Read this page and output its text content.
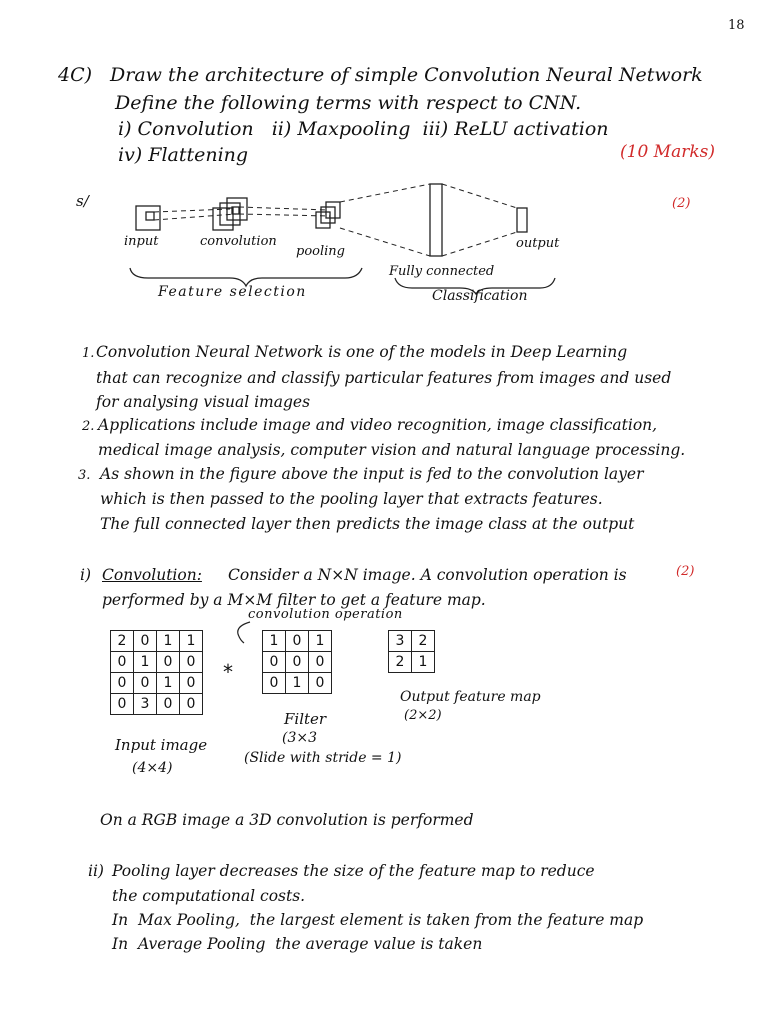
18
4C) Draw the architecture of simple Convolution Neural Network
Define the following terms with respect to CNN.
i) Convolution   ii) Maxpooling  iii) ReLU activation
iv) Flattening	(10 Marks)
s/	(2)
input	convolution
pooling
Fully connected
output
Feature selection	Classification
1. Convolution Neural Network is one of the models in Deep Learning
that can recognize and classify particular features from images and used
for analysing visual images
2. Applications include image and video recognition, image classification,
medical image analysis, computer vision and natural language processing.
3. As shown in the figure above the input is fed to the convolution layer
which is then passed to the pooling layer that extracts features.
The full connected layer then predicts the image class at the output
i) Convolution: Consider a N×N image. A convolution operation is	(2)
performed by a M×M filter to get a feature map.
convolution operation
2	0	1	1
0	1	0	0
0	0	1	0
0	3	0	0
*
1	0	1
0	0	0
0	1	0
3	2
2	1
Input image
(4×4)
Filter
(3×3
(Slide with stride = 1)
Output feature map
(2×2)
On a RGB image a 3D convolution is performed
ii) Pooling layer decreases the size of the feature map to reduce
the computational costs.
In  Max Pooling,  the largest element is taken from the feature map
In  Average Pooling  the average value is taken
